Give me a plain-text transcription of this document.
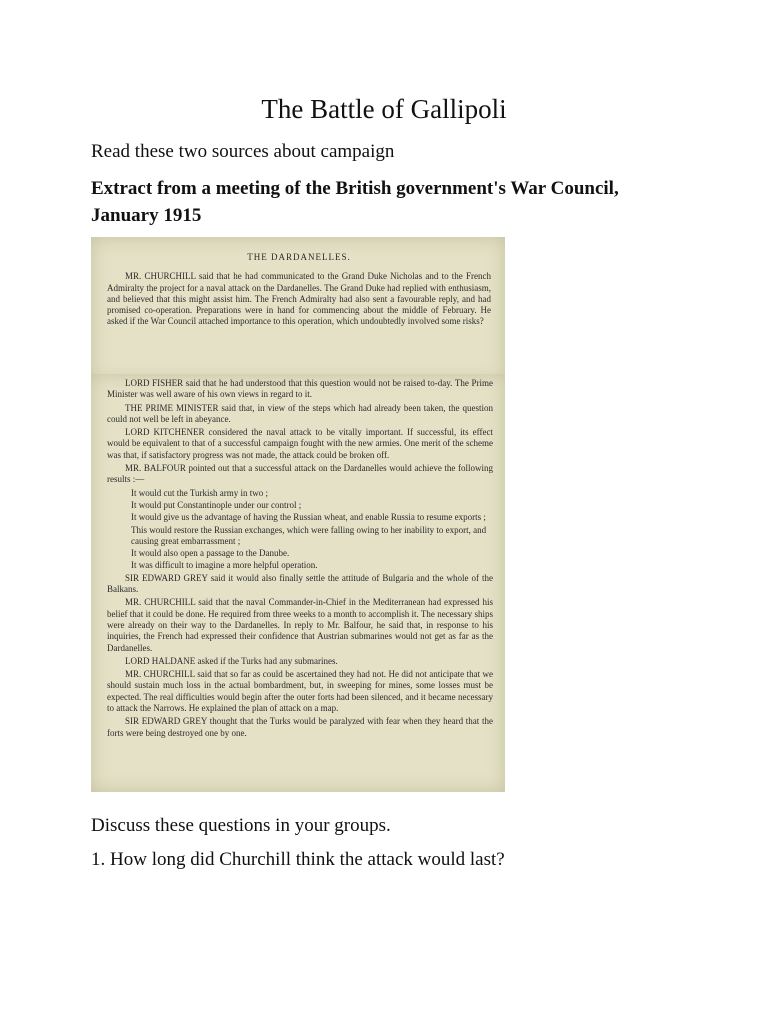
The Battle of Gallipoli

Read these two sources about campaign

Extract from a meeting of the British government's War Council, January 1915

THE DARDANELLES.

MR. CHURCHILL said that he had communicated to the Grand Duke Nicholas and to the French Admiralty the project for a naval attack on the Dardanelles. The Grand Duke had replied with enthusiasm, and believed that this might assist him. The French Admiralty had also sent a favourable reply, and had promised co-operation. Preparations were in hand for commencing about the middle of February. He asked if the War Council attached importance to this operation, which undoubtedly involved some risks?

LORD FISHER said that he had understood that this question would not be raised to-day. The Prime Minister was well aware of his own views in regard to it.

THE PRIME MINISTER said that, in view of the steps which had already been taken, the question could not well be left in abeyance.

LORD KITCHENER considered the naval attack to be vitally important. If successful, its effect would be equivalent to that of a successful campaign fought with the new armies. One merit of the scheme was that, if satisfactory progress was not made, the attack could be broken off.

MR. BALFOUR pointed out that a successful attack on the Dardanelles would achieve the following results :—

It would cut the Turkish army in two ;

It would put Constantinople under our control ;

It would give us the advantage of having the Russian wheat, and enable Russia to resume exports ;

This would restore the Russian exchanges, which were falling owing to her inability to export, and causing great embarrassment ;

It would also open a passage to the Danube.

It was difficult to imagine a more helpful operation.

SIR EDWARD GREY said it would also finally settle the attitude of Bulgaria and the whole of the Balkans.

MR. CHURCHILL said that the naval Commander-in-Chief in the Mediterranean had expressed his belief that it could be done. He required from three weeks to a month to accomplish it. The necessary ships were already on their way to the Dardanelles. In reply to Mr. Balfour, he said that, in response to his inquiries, the French had expressed their confidence that Austrian submarines would not get as far as the Dardanelles.

LORD HALDANE asked if the Turks had any submarines.

MR. CHURCHILL said that so far as could be ascertained they had not. He did not anticipate that we should sustain much loss in the actual bombardment, but, in sweeping for mines, some losses must be expected. The real difficulties would begin after the outer forts had been silenced, and it became necessary to attack the Narrows. He explained the plan of attack on a map.

SIR EDWARD GREY thought that the Turks would be paralyzed with fear when they heard that the forts were being destroyed one by one.

Discuss these questions in your groups.

1. How long did Churchill think the attack would last?
